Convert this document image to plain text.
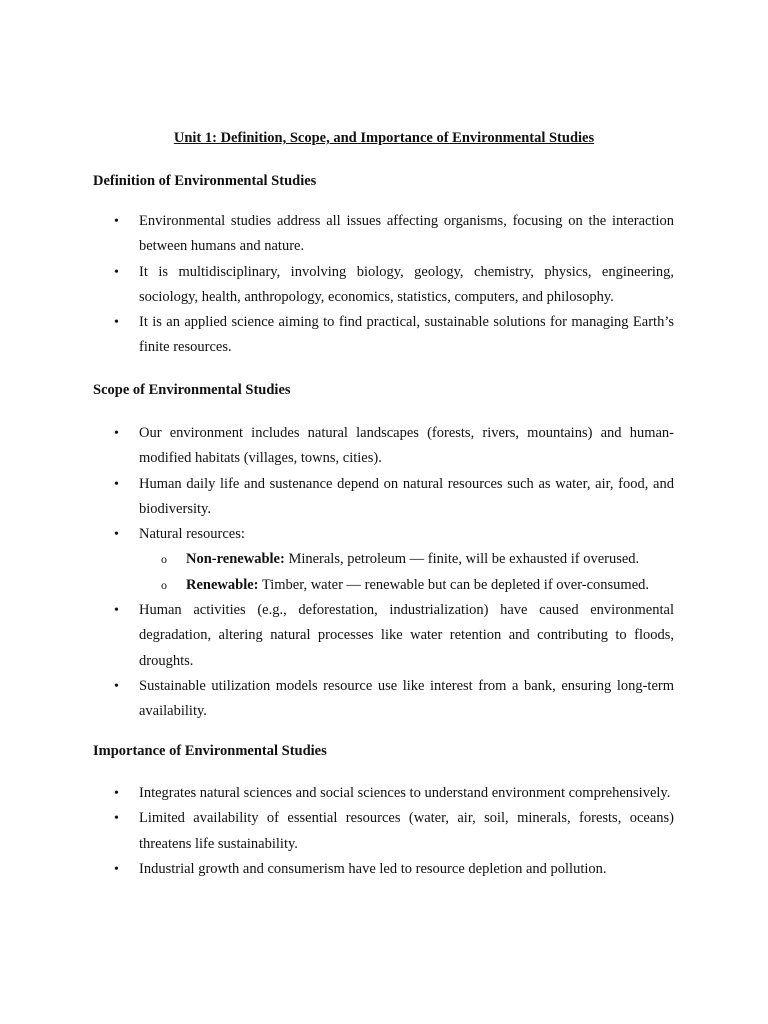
Unit 1: Definition, Scope, and Importance of Environmental Studies
Definition of Environmental Studies
• Environmental studies address all issues affecting organisms, focusing on the interaction between humans and nature.
• It is multidisciplinary, involving biology, geology, chemistry, physics, engineering, sociology, health, anthropology, economics, statistics, computers, and philosophy.
• It is an applied science aiming to find practical, sustainable solutions for managing Earth’s finite resources.
Scope of Environmental Studies
• Our environment includes natural landscapes (forests, rivers, mountains) and human-modified habitats (villages, towns, cities).
• Human daily life and sustenance depend on natural resources such as water, air, food, and biodiversity.
• Natural resources:
o Non-renewable: Minerals, petroleum — finite, will be exhausted if overused.
o Renewable: Timber, water — renewable but can be depleted if over-consumed.
• Human activities (e.g., deforestation, industrialization) have caused environmental degradation, altering natural processes like water retention and contributing to floods, droughts.
• Sustainable utilization models resource use like interest from a bank, ensuring long-term availability.
Importance of Environmental Studies
• Integrates natural sciences and social sciences to understand environment comprehensively.
• Limited availability of essential resources (water, air, soil, minerals, forests, oceans) threatens life sustainability.
• Industrial growth and consumerism have led to resource depletion and pollution.
